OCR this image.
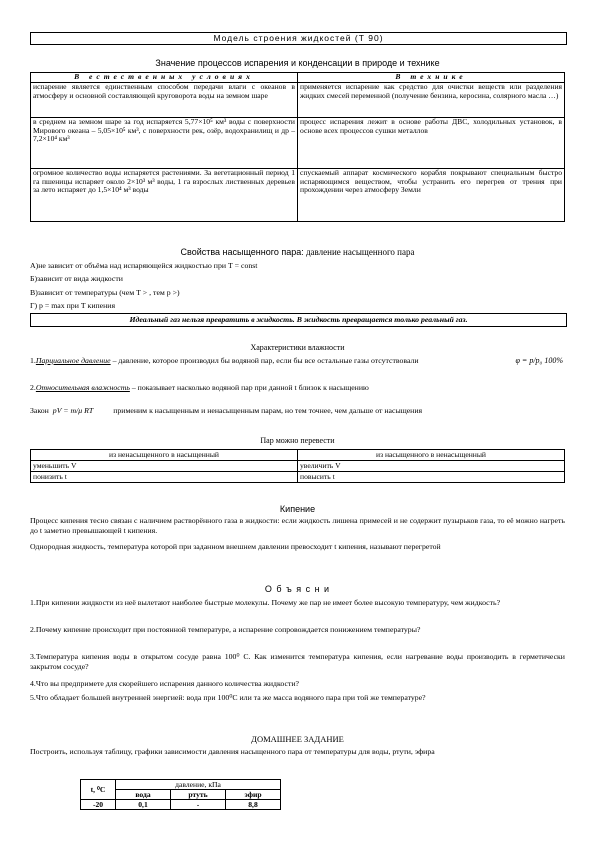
Модель строения жидкостей (Т 90)
Значение процессов испарения и конденсации в природе и технике
В естественных условиях	В технике
испарение является единственным способом передачи влаги с океанов в атмосферу и основной составляющей круговорота воды на земном шаре	применяется испарение как средство для очистки веществ или разделения жидких смесей переменной (получение бензина, керосина, солярного масла …)
в среднем на земном шаре за год испаряется 5,77×10⁵ км³ воды с поверхности Мирового океана – 5,05×10⁵ км³, с поверхности рек, озёр, водохранилищ и др – 7,2×10⁴ км³	процесс испарения лежит в основе работы ДВС, холодильных установок, в основе всех процессов сушки металлов
огромное количество воды испаряется растениями. За вегетационный период 1 га пшеницы испаряет около 2×10³ м³ воды, 1 га взрослых лиственных деревьев за лето испаряет до 1,5×10⁴ м³ воды	спускаемый аппарат космического корабля покрывают специальным быстро испаряющимся веществом, чтобы устранить его перегрев от трения при прохождении через атмосферу Земли
Свойства насыщенного пара: давление насыщенного пара
А)не зависит от объёма над испаряющейся жидкостью при Т = const
Б)зависит от вида жидкости
В)зависит от температуры (чем Т > , тем р >)
Г) р = max при Т кипения
Идеальный газ нельзя превратить в жидкость. В жидкость превращается только реальный газ.
Характеристики влажности
1.Парциальное давление – давление, которое производил бы водяной пар, если бы все остальные газы отсутствовали	φ = p/p₀ 100%
2.Относительная влажность – показывает насколько водяной пар при данной t близок к насыщению
Закон pV = m/μ RT	применим к насыщенным и ненасыщенным парам, но тем точнее, чем дальше от насыщения
Пар можно перевести
из ненасыщенного в насыщенный	из насыщенного в ненасыщенный
уменьшить V	увеличить V
понизить t	повысить t
Кипение
Процесс кипения тесно связан с наличием растворённого газа в жидкости: если жидкость лишена примесей и не содержит пузырьков газа, то её можно нагреть до t заметно превышающей t кипения.
Однородная жидкость, температура которой при заданном внешнем давлении превосходит t кипения, называют перегретой
О б ъ я с н и
1.При кипении жидкости из неё вылетают наиболее быстрые молекулы. Почему же пар не имеет более высокую температуру, чем жидкость?
2.Почему кипение происходит при постоянной температуре, а испарение сопровождается понижением температуры?
3.Температура кипения воды в открытом сосуде равна 100⁰ С. Как изменится температура кипения, если нагревание воды производить в герметически закрытом сосуде?
4.Что вы предпримете для скорейшего испарения данного количества жидкости?
5.Что обладает большей внутренней энергией: вода при 100⁰С или та же масса водяного пара при той же температуре?
ДОМАШНЕЕ ЗАДАНИЕ
Построить, используя таблицу, графики зависимости давления насыщенного пара от температуры для воды, ртути, эфира
t, ⁰С	давление, кПа		
	вода	ртуть	эфир
-20	0,1	-	8,8
